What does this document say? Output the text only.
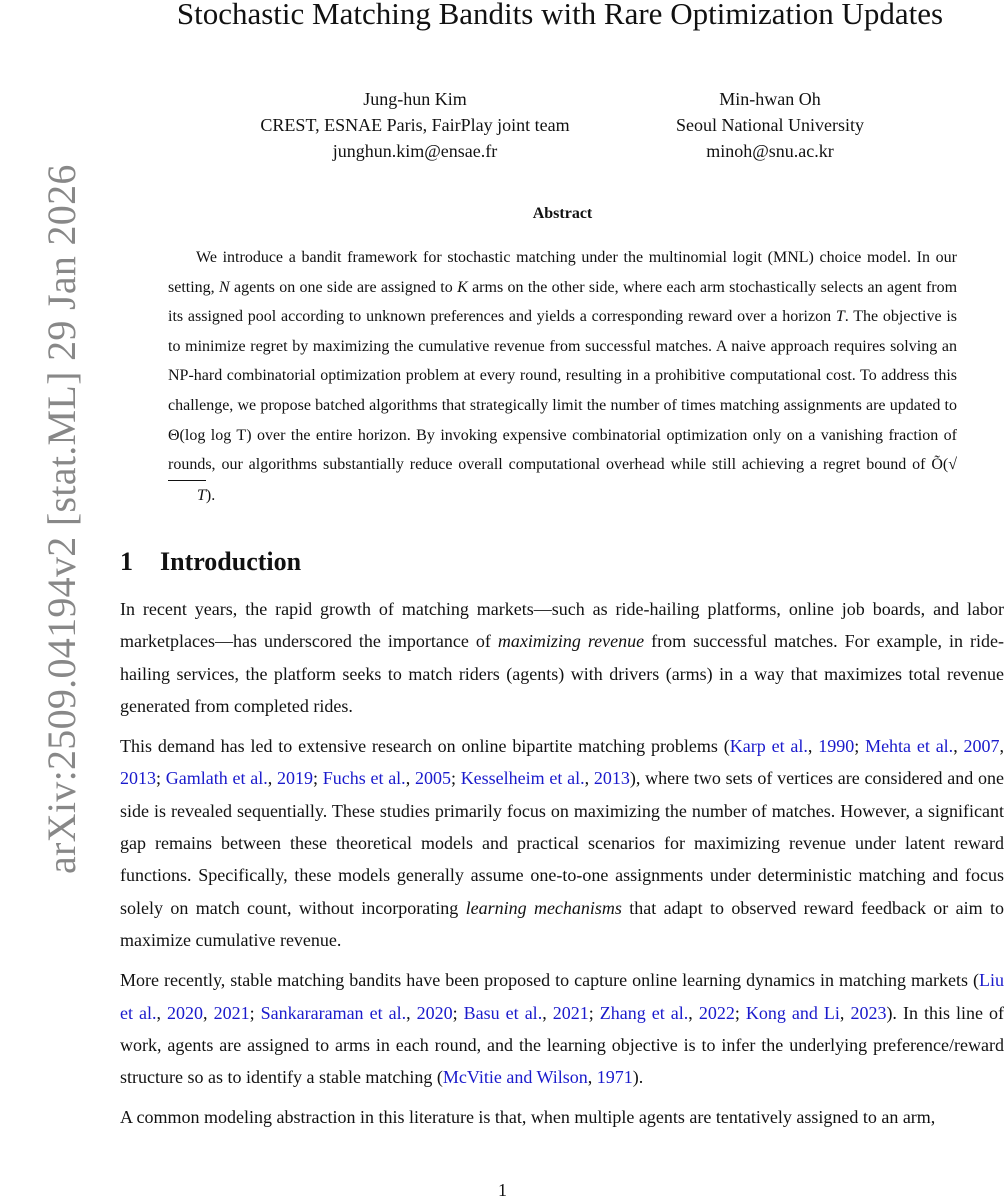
arXiv:2509.04194v2 [stat.ML] 29 Jan 2026
Stochastic Matching Bandits with Rare Optimization Updates
Jung-hun Kim
CREST, ESNAE Paris, FairPlay joint team
junghun.kim@ensae.fr
Min-hwan Oh
Seoul National University
minoh@snu.ac.kr
Abstract

We introduce a bandit framework for stochastic matching under the multinomial logit (MNL) choice model. In our setting, N agents on one side are assigned to K arms on the other side, where each arm stochastically selects an agent from its assigned pool according to unknown preferences and yields a corresponding reward over a horizon T. The objective is to minimize regret by maximizing the cumulative revenue from successful matches. A naive approach requires solving an NP-hard combinatorial optimization problem at every round, resulting in a prohibitive computational cost. To address this challenge, we propose batched algorithms that strategically limit the number of times matching assignments are updated to Θ(log log T) over the entire horizon. By invoking expensive combinatorial optimization only on a vanishing fraction of rounds, our algorithms substantially reduce overall computational overhead while still achieving a regret bound of Õ(√T).

1 Introduction

In recent years, the rapid growth of matching markets—such as ride-hailing platforms, online job boards, and labor marketplaces—has underscored the importance of maximizing revenue from successful matches. For example, in ride-hailing services, the platform seeks to match riders (agents) with drivers (arms) in a way that maximizes total revenue generated from completed rides.

This demand has led to extensive research on online bipartite matching problems (Karp et al., 1990; Mehta et al., 2007, 2013; Gamlath et al., 2019; Fuchs et al., 2005; Kesselheim et al., 2013), where two sets of vertices are considered and one side is revealed sequentially. These studies primarily focus on maximizing the number of matches. However, a significant gap remains between these theoretical models and practical scenarios for maximizing revenue under latent reward functions. Specifically, these models generally assume one-to-one assignments under deterministic matching and focus solely on match count, without incorporating learning mechanisms that adapt to observed reward feedback or aim to maximize cumulative revenue.

More recently, stable matching bandits have been proposed to capture online learning dynamics in matching markets (Liu et al., 2020, 2021; Sankararaman et al., 2020; Basu et al., 2021; Zhang et al., 2022; Kong and Li, 2023). In this line of work, agents are assigned to arms in each round, and the learning objective is to infer the underlying preference/reward structure so as to identify a stable matching (McVitie and Wilson, 1971).

A common modeling abstraction in this literature is that, when multiple agents are tentatively assigned to an arm,

1
